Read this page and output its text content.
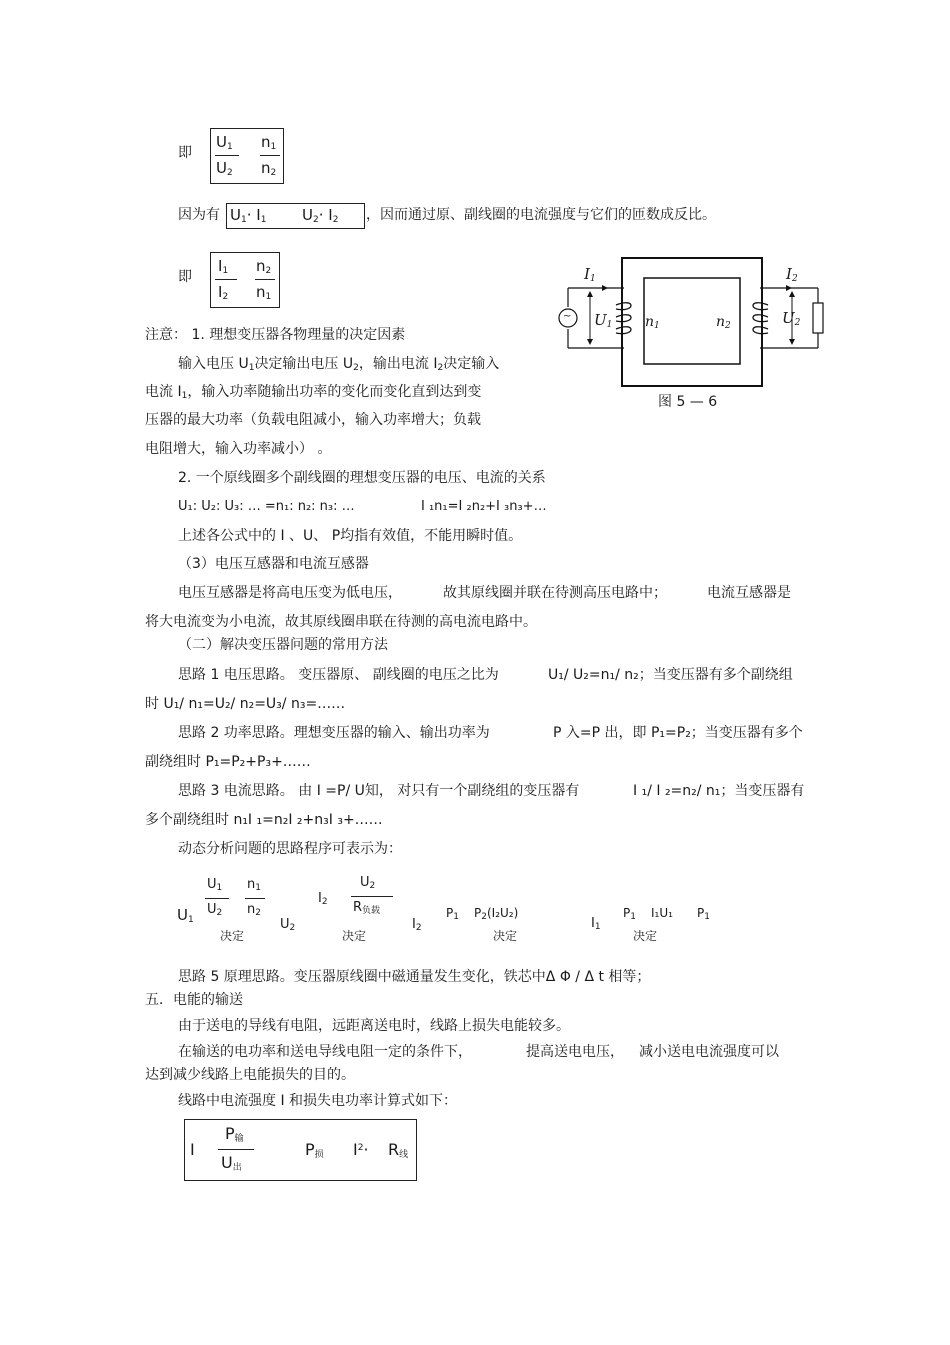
即
$U_1$
$U_2$
$n_1$
$n_2$
因为有 $U_1\cdot I_1$ $U_2\cdot I_2$ ，因而通过原、副线圈的电流强度与它们的匝数成反比。
即
$I_1$
$I_2$
$n_2$
$n_1$
~
$I_1$	$I_2$
$U_1$	$U_2$
$n_1$	$n_2$
图 5 — 6
注意： 1. 理想变压器各物理量的决定因素
输入电压 $U_1$决定输出电压 $U_2$，输出电流 $I_2$决定输入
电流 $I_1$，输入功率随输出功率的变化而变化直到达到变
压器的最大功率（负载电阻减小，输入功率增大；负载
电阻增大，输入功率减小） 。
2. 一个原线圈多个副线圈的理想变压器的电压、电流的关系
U₁: U₂: U₃: … =n₁: n₂: n₃: …	I ₁n₁=I ₂n₂+I ₃n₃+…
上述各公式中的 I 、U、 P均指有效值，不能用瞬时值。
（3）电压互感器和电流互感器
电压互感器是将高电压变为低电压，	故其原线圈并联在待测高压电路中；	电流互感器是
将大电流变为小电流，故其原线圈串联在待测的高电流电路中。
（二）解决变压器问题的常用方法
思路 1 电压思路。 变压器原、 副线圈的电压之比为	U₁/ U₂=n₁/ n₂；当变压器有多个副绕组
时 U₁/ n₁=U₂/ n₂=U₃/ n₃=……
思路 2 功率思路。理想变压器的输入、输出功率为	P 入=P 出，即 P₁=P₂；当变压器有多个
副绕组时 P₁=P₂+P₃+……
思路 3 电流思路。 由 I =P/ U知， 对只有一个副绕组的变压器有	I ₁/ I ₂=n₂/ n₁；当变压器有
多个副绕组时 n₁I ₁=n₂I ₂+n₃I ₃+……
动态分析问题的思路程序可表示为：
$U_1$
$U_1$
$U_2$
$n_1$
$n_2$
决定
$U_2$
$I_2$
$U_2$
$R_{负载}$
决定
$I_2$
$P_1$ $P_2(I_2U_2)$
决定
$I_1$
$P_1$ I₁U₁
决定
$P_1$
思路 5 原理思路。变压器原线圈中磁通量发生变化，铁芯中Δ Φ / Δ t 相等；
五．电能的输送
由于送电的导线有电阻，远距离送电时，线路上损失电能较多。
在输送的电功率和送电导线电阻一定的条件下，	提高送电电压， 减小送电电流强度可以
达到减少线路上电能损失的目的。
线路中电流强度 I 和损失电功率计算式如下：
I
$P_输$
$U_出$
$P_损$ $I^2\cdot R_线$
